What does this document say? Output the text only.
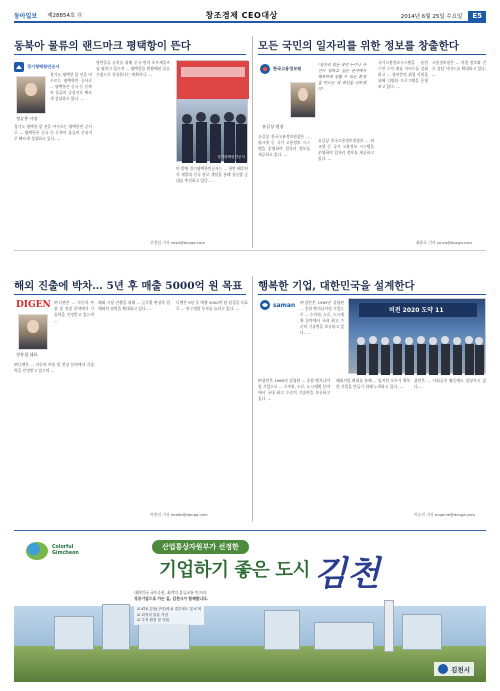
동아일보 제28854호 ⓪	창조경제 CEO대상	2014년 6월 25일 수요일	E5
동북아 물류의 랜드마크 평택항이 뜬다	모든 국민의 일자리를 위한 정보를 창출한다
경기평택항만공사
정승봉 사장
경기도 평택항 앞 선을 아우르는 평택항만 공사로 ... 평택항은 중국 등 동북아 물류의 중심지로 빠르게 성장하고 있다. ...
경기도 평택항 앞 선을 아우르는 평택항만 공사로 ... 평택항은 중국 등 동북아 물류의 중심지로 빠르게 성장하고 있다. ...
항만물류 유치를 위해 중국 현지 포트세일즈를 펼치고 있으며 ... 평택항을 환황해권 물류 거점으로 육성한다는 계획이다. ...
경기평택항만공사
이 밖에 경기평택항만공사는 ... 항만 배후단지 개발과 신규 항로 개설을 통해 물동량 증대를 추진하고 있다. ...
신정섭 기자 newt@donga.com
한국고용정보원
"일자리 있는 국민 누구나 자신이 일하고 싶은 분야에서 행복하게 일할 수 있는 환경을 만드는 데 최선을 다하겠다"
유길상 원장
유길상 한국고용정보원장은 ... 워크넷 등 국가 고용정보 시스템을 운영하며 일자리 정보를 제공하고 있다. ...
유길상 한국고용정보원장은 ... 워크넷 등 국가 고용정보 시스템을 운영하며 일자리 정보를 제공하고 있다. ...
국가고용정보시스템을 통한 구인·구직 매칭 서비스를 강화하고 ... 청년층의 취업 지원을 위해 다양한 프로그램을 운영하고 있다. ...
고용정보원은 ... 직업 정보와 진로 상담 서비스를 확대하고 있다. ...
최윤호 기자 ymca@donga.com
해외 진출에 박차… 5년 후 매출 5000억 원 목표	행복한 기업, 대한민국을 설계한다
DIGEN
정홍철 대표
㈜디젠은 ... 자동차 부품 및 전장 분야에서 기술력을 인정받고 있으며 ...
㈜디젠은 ... 자동차 부품 및 전장 분야에서 기술력을 인정받고 있으며 ...
해외 시장 진출을 위해 ... 글로벌 완성차 업체와의 협력을 확대하고 있다. ...
디젠은 5년 후 매출 5000억 원 달성을 목표로 ... 연구개발 투자를 늘리고 있다. ...
이현덕 기자 heebb@donga.com
saman ㈜삼안은 1965년 설립된 ... 종합 엔지니어링 기업으로 ... 수자원, 도로, 도시계획 분야에서 국내 최고 수준의 기술력을 보유하고 있다. ...
비전 2020 도약 11
㈜삼안은 1965년 설립된 ... 종합 엔지니어링 기업으로 ... 수자원, 도로, 도시계획 분야에서 국내 최고 수준의 기술력을 보유하고 있다. ...
해외사업 확대를 통해 ... 임직원 모두가 행복한 기업을 만들기 위해 노력하고 있다. ...
삼안은 ... 사회공헌 활동에도 앞장서고 있다. ...
이유진 기자 eugenie@donga.com
Colorful
Gimcheon
산업통상자원부가 선정한
기업하기 좋은 도시 김천
대한민국 국토중심, 최적의 물류교통 인프라
성공기업으로 가는 길, 김천시가 함께합니다.
☑ KTX 김천(구미)역 & 경부철도 및 IC역
☑ 최적의 물류 거점
☑ 투자 환경 및 지원
김천시
